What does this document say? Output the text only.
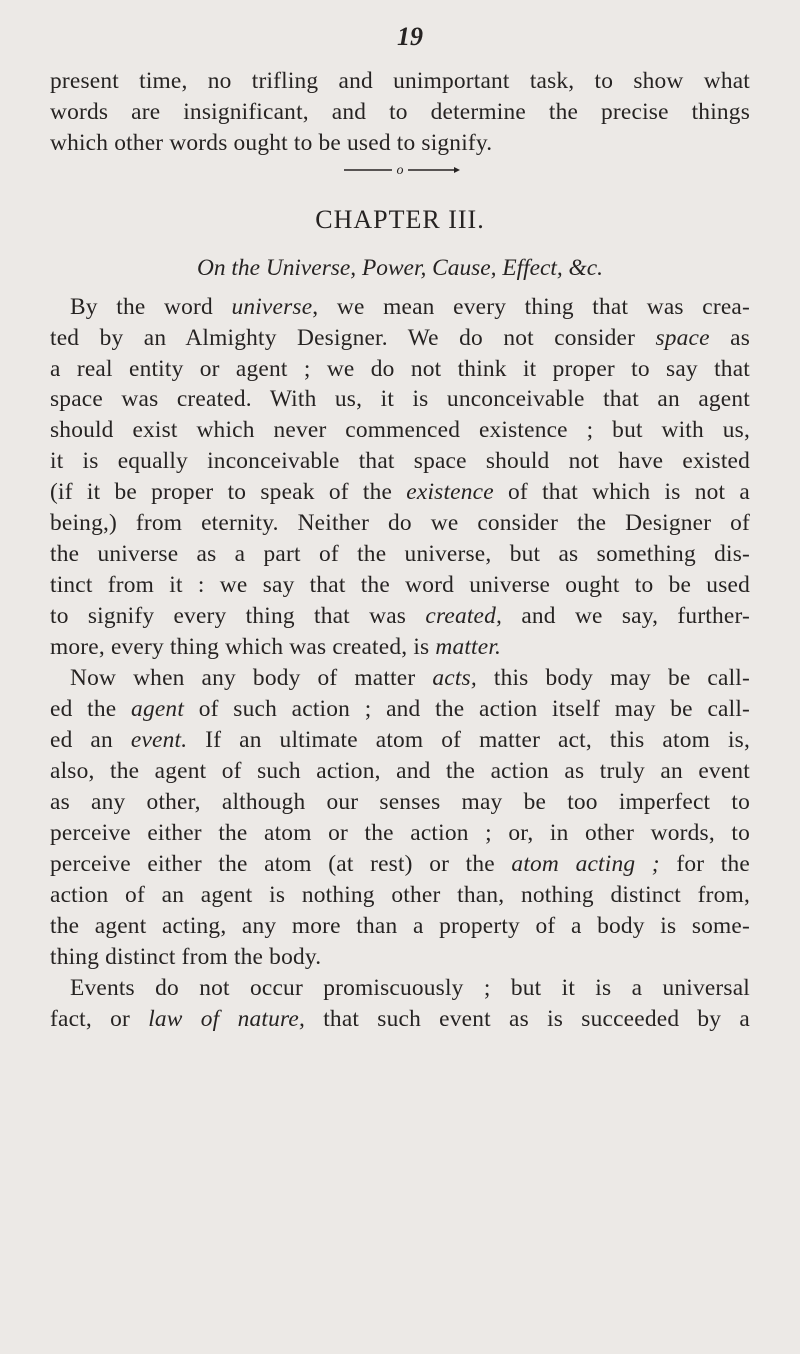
19
present time, no trifling and unimportant task, to show what
words are insignificant, and to determine the precise things
which other words ought to be used to signify.
o
CHAPTER III.
On the Universe, Power, Cause, Effect, &c.
By the word universe, we mean every thing that was crea-
ted by an Almighty Designer. We do not consider space as
a real entity or agent ; we do not think it proper to say that
space was created. With us, it is unconceivable that an agent
should exist which never commenced existence ; but with us,
it is equally inconceivable that space should not have existed
(if it be proper to speak of the existence of that which is not a
being,) from eternity. Neither do we consider the Designer of
the universe as a part of the universe, but as something dis-
tinct from it : we say that the word universe ought to be used
to signify every thing that was created, and we say, further-
more, every thing which was created, is matter.
Now when any body of matter acts, this body may be call-
ed the agent of such action ; and the action itself may be call-
ed an event. If an ultimate atom of matter act, this atom is,
also, the agent of such action, and the action as truly an event
as any other, although our senses may be too imperfect to
perceive either the atom or the action ; or, in other words, to
perceive either the atom (at rest) or the atom acting ; for the
action of an agent is nothing other than, nothing distinct from,
the agent acting, any more than a property of a body is some-
thing distinct from the body.
Events do not occur promiscuously ; but it is a universal
fact, or law of nature, that such event as is succeeded by a
